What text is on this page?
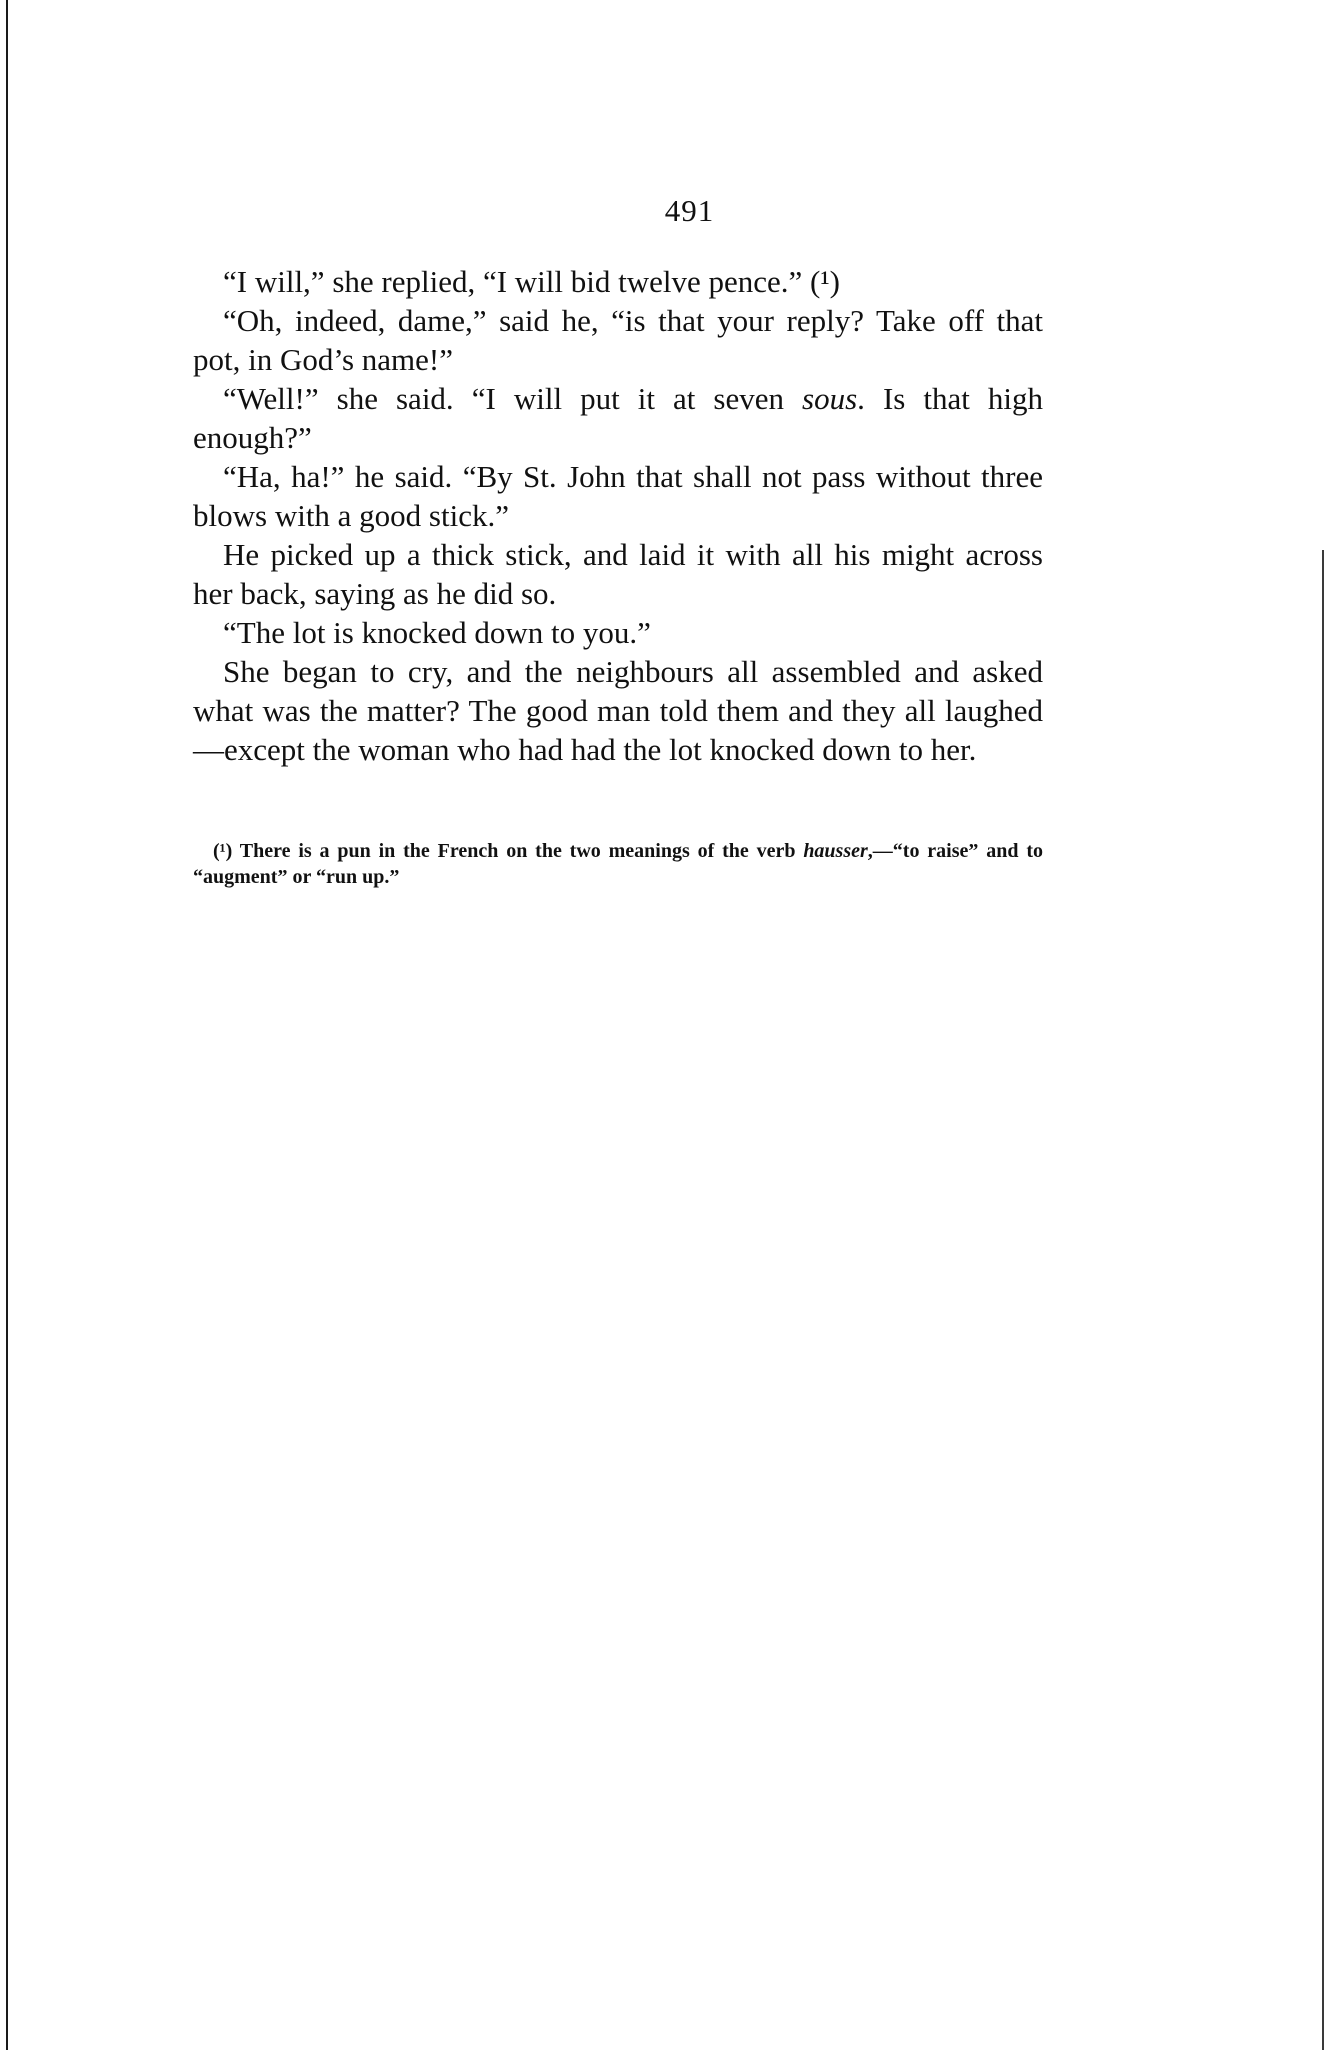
491

“I will,” she replied, “I will bid twelve pence.” (¹)

“Oh, indeed, dame,” said he, “is that your reply? Take off that pot, in God’s name!”

“Well!” she said. “I will put it at seven sous. Is that high enough?”

“Ha, ha!” he said. “By St. John that shall not pass without three blows with a good stick.”

He picked up a thick stick, and laid it with all his might across her back, saying as he did so.

“The lot is knocked down to you.”

She began to cry, and the neighbours all assembled and asked what was the matter? The good man told them and they all laughed—except the woman who had had the lot knocked down to her.

(¹) There is a pun in the French on the two meanings of the verb hausser,—“to raise” and to “augment” or “run up.”
